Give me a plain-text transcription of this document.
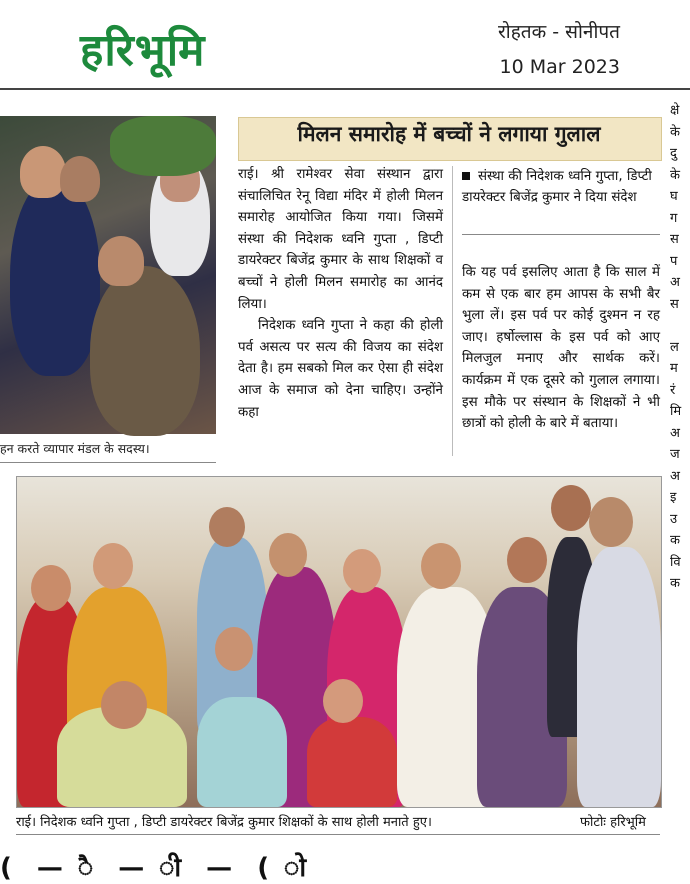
हरिभूमि	रोहतक - सोनीपत
10 Mar 2023
हन करते व्यापार मंडल के सदस्य।
मिलन समारोह में बच्चों ने लगाया गुलाल
राई। श्री रामेश्वर सेवा संस्थान द्वारा संचालिचित रेनू विद्या मंदिर में होली मिलन समारोह आयोजित किया गया। जिसमें संस्था की निदेशक ध्वनि गुप्ता , डिप्टी डायरेक्टर बिजेंद्र कुमार के साथ शिक्षकों व बच्चों ने होली मिलन समारोह का आनंद लिया।
निदेशक ध्वनि गुप्ता ने कहा की होली पर्व असत्य पर सत्य की विजय का संदेश देता है। हम सबको मिल कर ऐसा ही संदेश आज के समाज को देना चाहिए। उन्होंने कहा
संस्था की निदेशक ध्वनि गुप्ता, डिप्टी डायरेक्टर बिजेंद्र कुमार ने दिया संदेश
कि यह पर्व इसलिए आता है कि साल में कम से एक बार हम आपस के सभी बैर भुला लें। इस पर्व पर कोई दुश्मन न रह जाए। हर्षोल्लास के इस पर्व को आए मिलजुल मनाए और सार्थक करें। कार्यक्रम में एक दूसरे को गुलाल लगाया। इस मौके पर संस्थान के शिक्षकों ने भी छात्रों को होली के बारे में बताया।
क्षे
के
दु
के
घ
ग
स
प
अ
स

ल
म
रं
मि
अ
ज
अ
इ
उ
क
वि
क
राई। निदेशक ध्वनि गुप्ता , डिप्टी डायरेक्टर बिजेंद्र कुमार शिक्षकों के साथ होली मनाते हुए।	फोटोः हरिभूमि
( — ै — ी — ( ो
